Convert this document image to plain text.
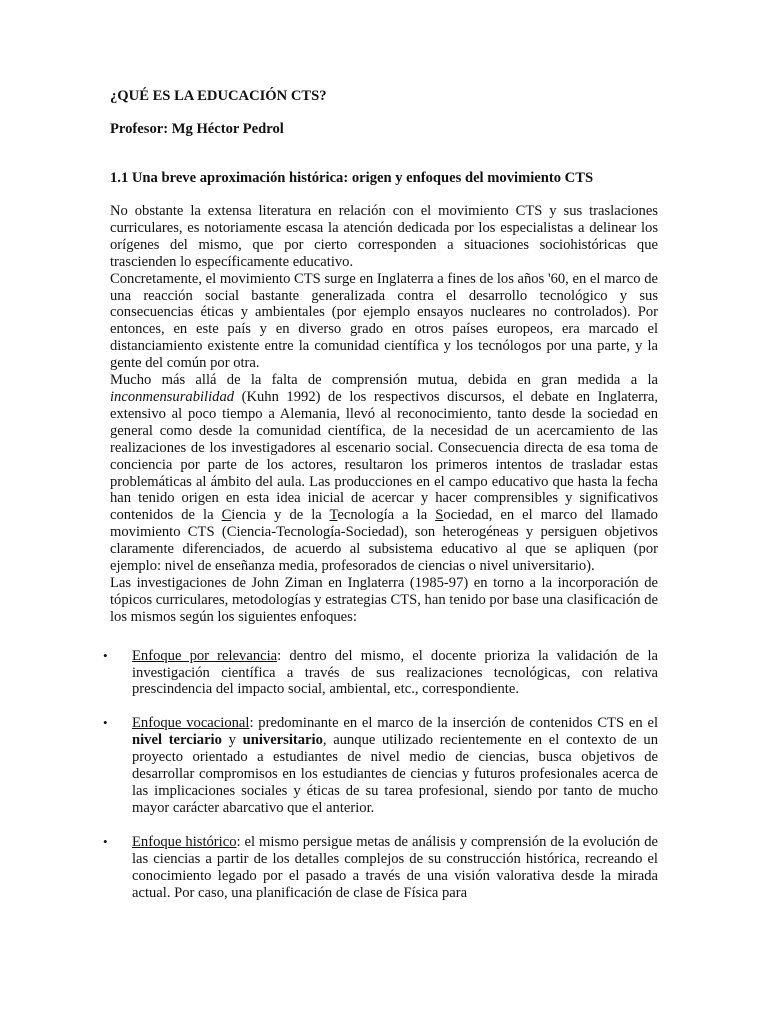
¿QUÉ ES LA EDUCACIÓN CTS?

Profesor: Mg Héctor Pedrol

1.1 Una breve aproximación histórica: origen y enfoques del movimiento CTS

No obstante la extensa literatura en relación con el movimiento CTS y sus traslaciones curriculares, es notoriamente escasa la atención dedicada por los especialistas a delinear los orígenes del mismo, que por cierto corresponden a situaciones sociohistóricas que trascienden lo específicamente educativo.

Concretamente, el movimiento CTS surge en Inglaterra a fines de los años '60, en el marco de una reacción social bastante generalizada contra el desarrollo tecnológico y sus consecuencias éticas y ambientales (por ejemplo ensayos nucleares no controlados). Por entonces, en este país y en diverso grado en otros países europeos, era marcado el distanciamiento existente entre la comunidad científica y los tecnólogos por una parte, y la gente del común por otra.

Mucho más allá de la falta de comprensión mutua, debida en gran medida a la inconmensurabilidad (Kuhn 1992) de los respectivos discursos, el debate en Inglaterra, extensivo al poco tiempo a Alemania, llevó al reconocimiento, tanto desde la sociedad en general como desde la comunidad científica, de la necesidad de un acercamiento de las realizaciones de los investigadores al escenario social. Consecuencia directa de esa toma de conciencia por parte de los actores, resultaron los primeros intentos de trasladar estas problemáticas al ámbito del aula. Las producciones en el campo educativo que hasta la fecha han tenido origen en esta idea inicial de acercar y hacer comprensibles y significativos contenidos de la Ciencia y de la Tecnología a la Sociedad, en el marco del llamado movimiento CTS (Ciencia-Tecnología-Sociedad), son heterogéneas y persiguen objetivos claramente diferenciados, de acuerdo al subsistema educativo al que se apliquen (por ejemplo: nivel de enseñanza media, profesorados de ciencias o nivel universitario).

Las investigaciones de John Ziman en Inglaterra (1985-97) en torno a la incorporación de tópicos curriculares, metodologías y estrategias CTS, han tenido por base una clasificación de los mismos según los siguientes enfoques:

• Enfoque por relevancia: dentro del mismo, el docente prioriza la validación de la investigación científica a través de sus realizaciones tecnológicas, con relativa prescindencia del impacto social, ambiental, etc., correspondiente.
• Enfoque vocacional: predominante en el marco de la inserción de contenidos CTS en el nivel terciario y universitario, aunque utilizado recientemente en el contexto de un proyecto orientado a estudiantes de nivel medio de ciencias, busca objetivos de desarrollar compromisos en los estudiantes de ciencias y futuros profesionales acerca de las implicaciones sociales y éticas de su tarea profesional, siendo por tanto de mucho mayor carácter abarcativo que el anterior.
• Enfoque histórico: el mismo persigue metas de análisis y comprensión de la evolución de las ciencias a partir de los detalles complejos de su construcción histórica, recreando el conocimiento legado por el pasado a través de una visión valorativa desde la mirada actual. Por caso, una planificación de clase de Física para
